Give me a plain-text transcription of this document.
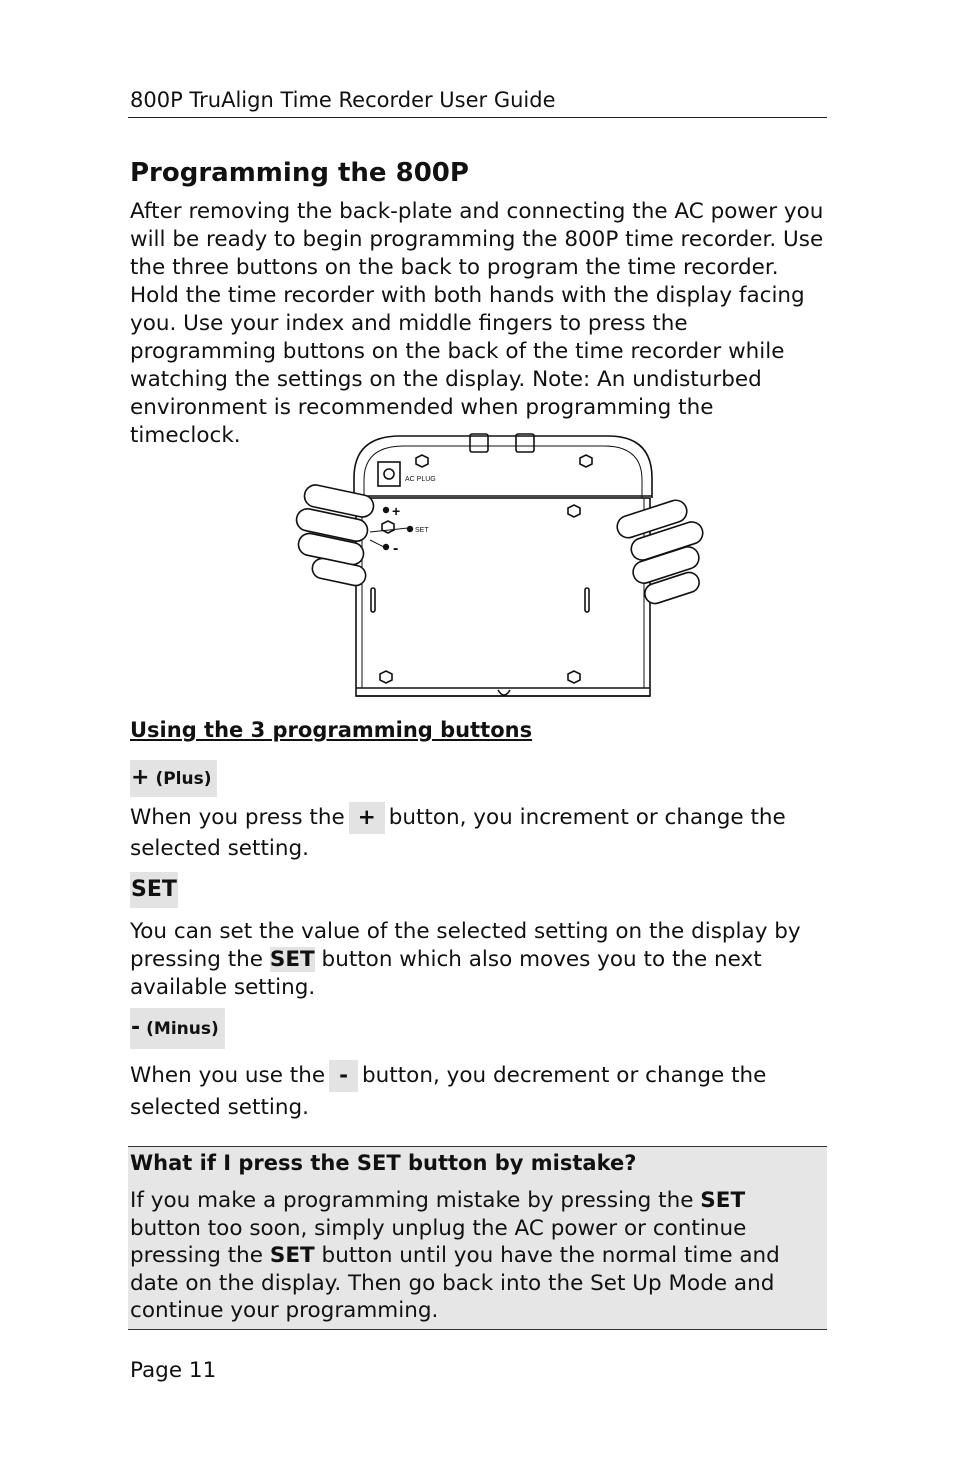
800P TruAlign Time Recorder User Guide
Programming the 800P

After removing the back-plate and connecting the AC power you will be ready to begin programming the 800P time recorder. Use the three buttons on the back to program the time recorder. Hold the time recorder with both hands with the display facing you. Use your index and middle fingers to press the programming buttons on the back of the time recorder while watching the settings on the display. Note: An undisturbed environment is recommended when programming the timeclock.

AC PLUG
+
SET
-
Using the 3 programming buttons
+ (Plus)

When you press the + button, you increment or change the selected setting.

SET

You can set the value of the selected setting on the display by pressing the SET button which also moves you to the next available setting.

- (Minus)

When you use the - button, you decrement or change the selected setting.

What if I press the SET button by mistake?

If you make a programming mistake by pressing the SET button too soon, simply unplug the AC power or continue pressing the SET button until you have the normal time and date on the display. Then go back into the Set Up Mode and continue your programming.

Page 11
